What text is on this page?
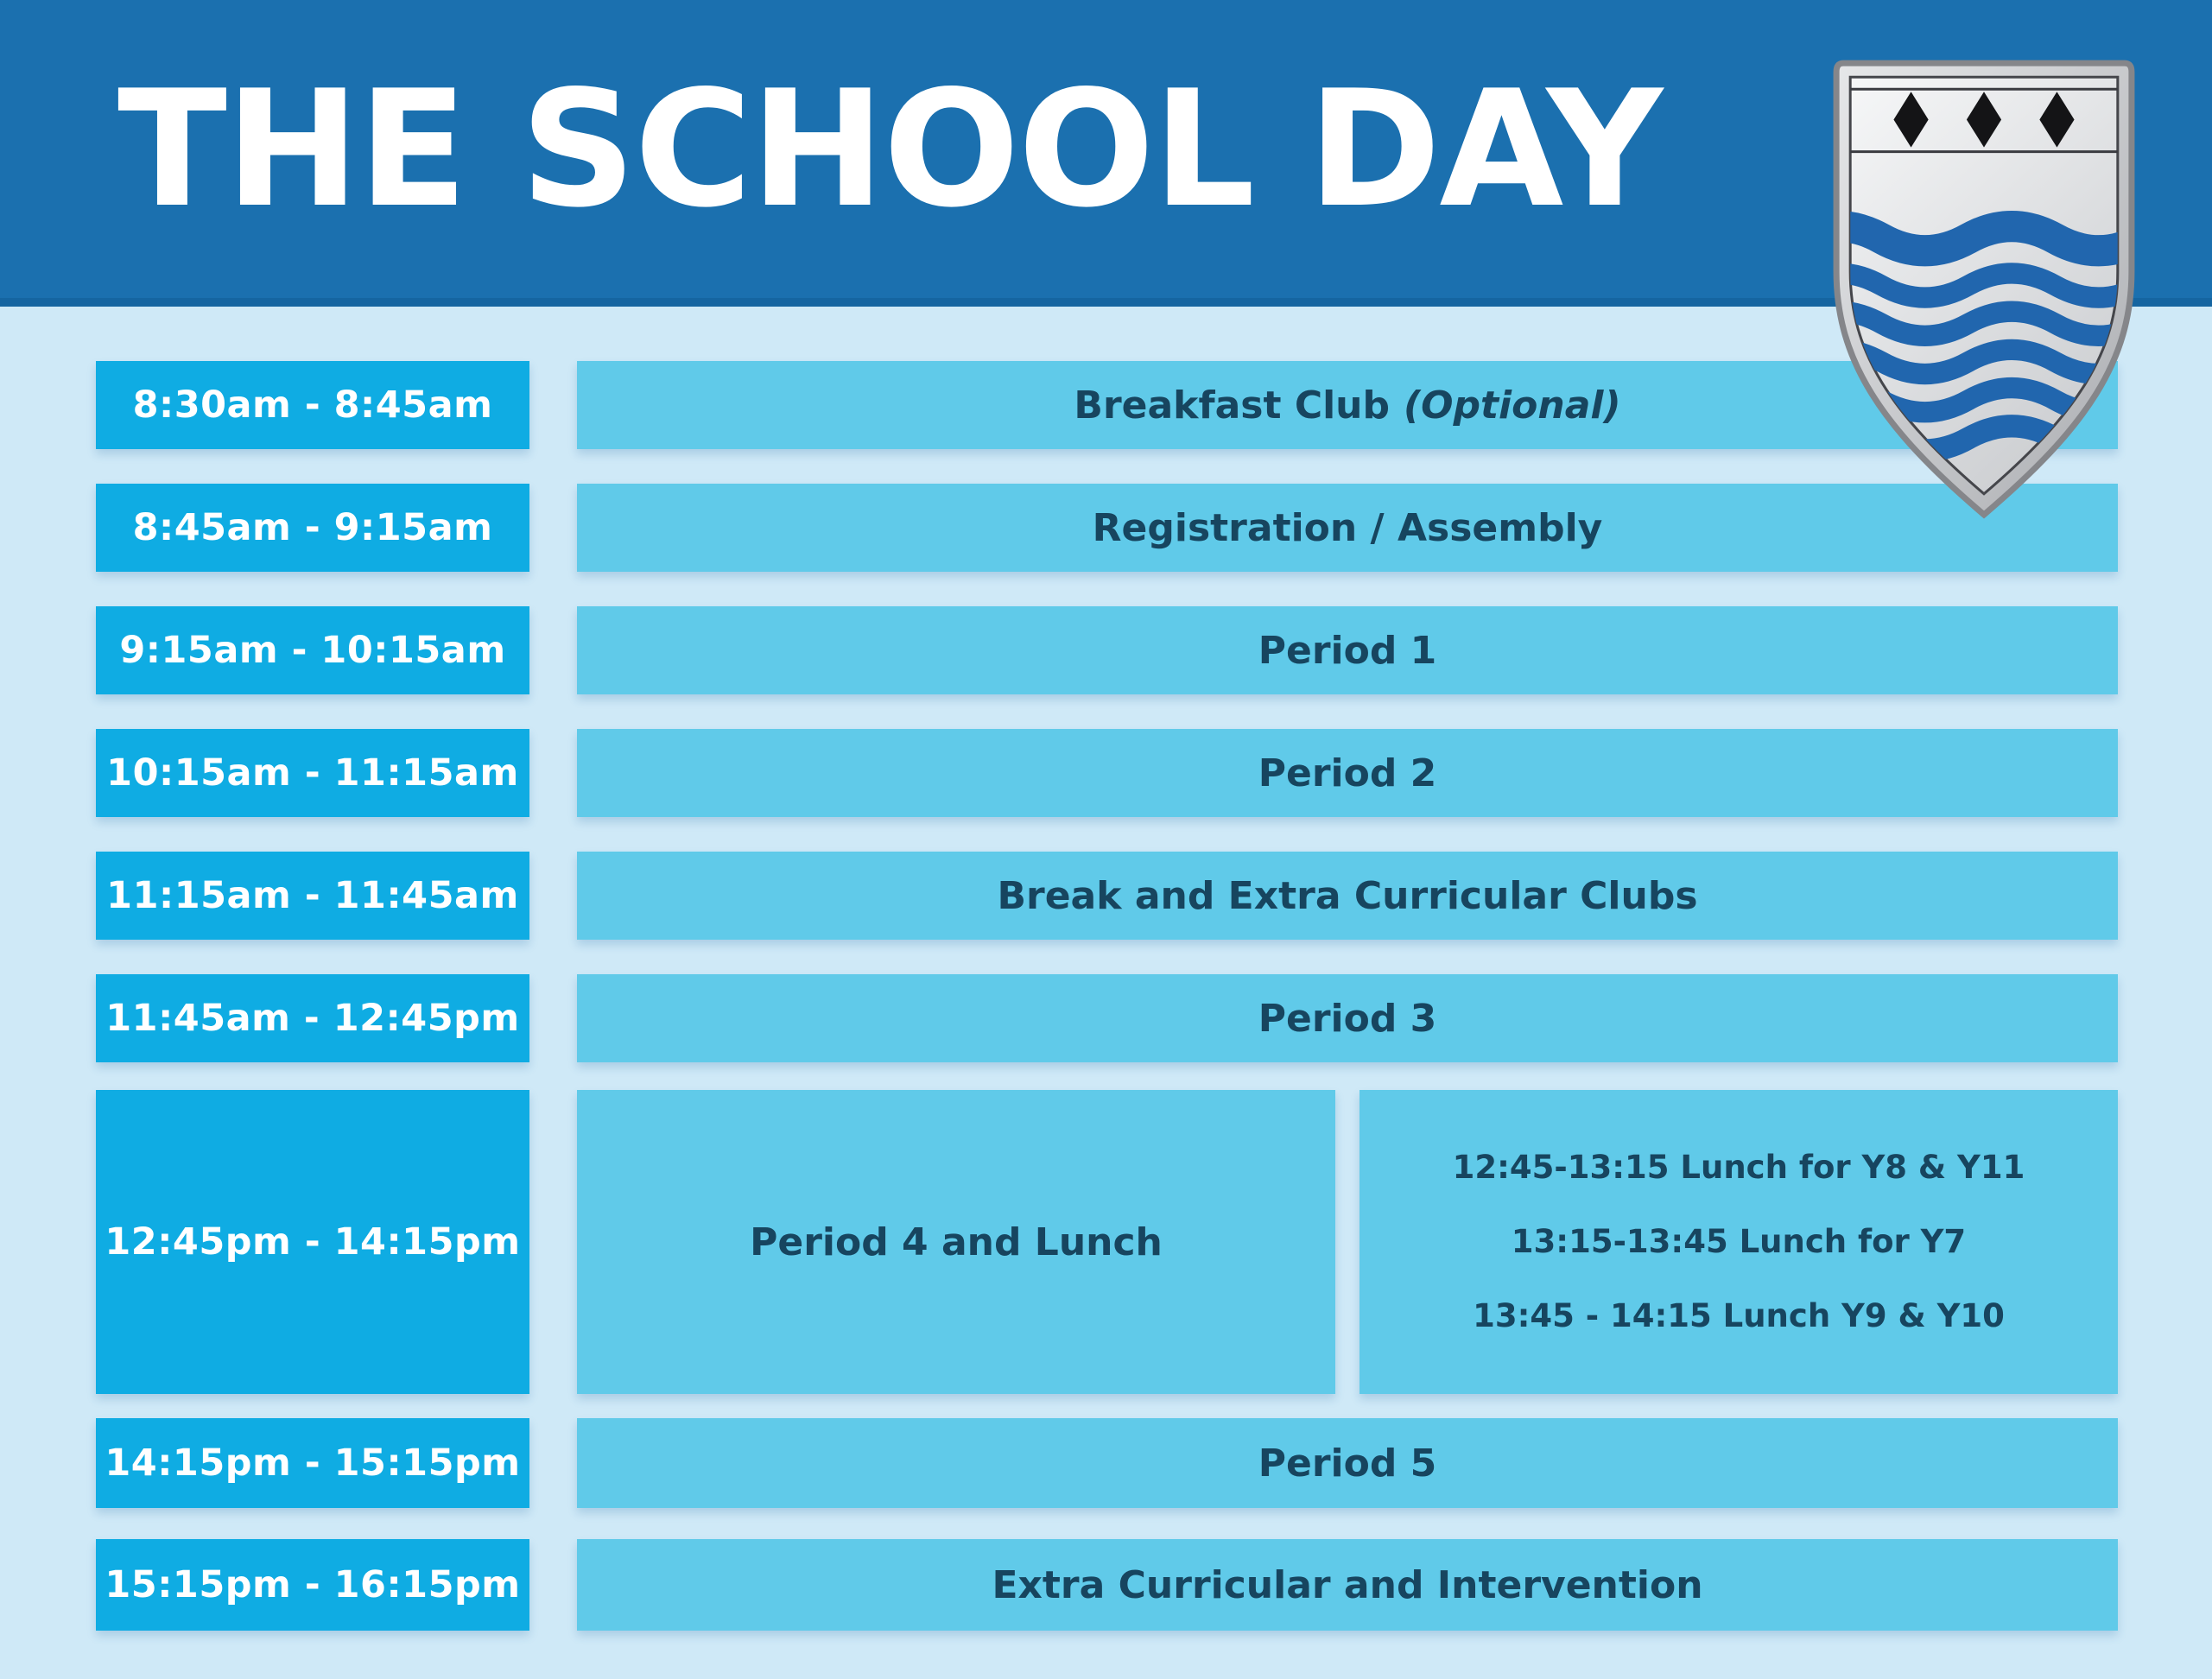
THE SCHOOL DAY
8:30am - 8:45am	Breakfast Club (Optional)
8:45am - 9:15am	Registration / Assembly
9:15am - 10:15am	Period 1
10:15am - 11:15am	Period 2
11:15am - 11:45am	Break and Extra Curricular Clubs
11:45am - 12:45pm	Period 3
12:45pm - 14:15pm	Period 4 and Lunch
12:45-13:15 Lunch for Y8 & Y11
13:15-13:45 Lunch for Y7
13:45 - 14:15 Lunch Y9 & Y10
14:15pm - 15:15pm	Period 5
15:15pm - 16:15pm	Extra Curricular and Intervention
